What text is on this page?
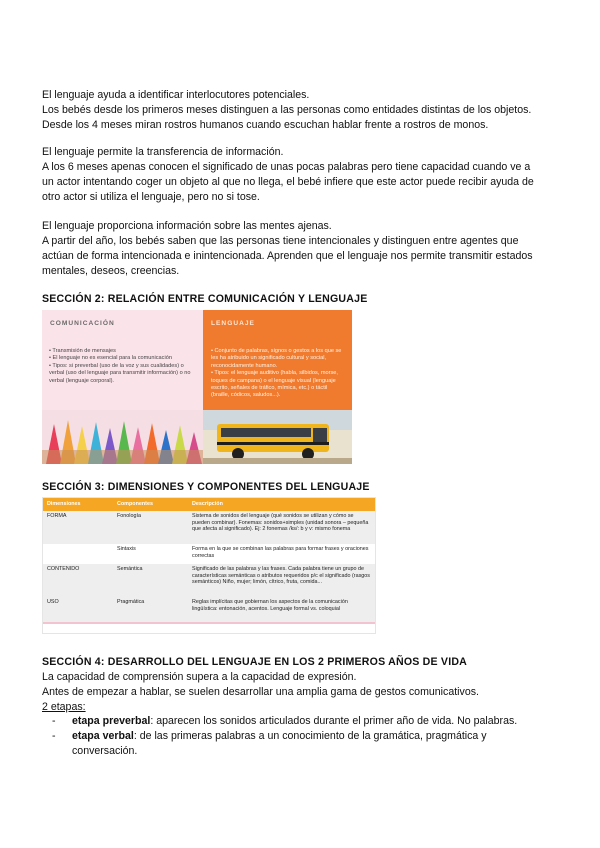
El lenguaje ayuda a identificar interlocutores potenciales.

Los bebés desde los primeros meses distinguen a las personas como entidades distintas de los objetos.

Desde los 4 meses miran rostros humanos cuando escuchan hablar frente a rostros de monos.

El lenguaje permite la transferencia de información.

A los 6 meses apenas conocen el significado de unas pocas palabras pero tiene capacidad cuando ve a

un actor intentando coger un objeto al que no llega, el bebé infiere que este actor puede recibir ayuda de

otro actor si utiliza el lenguaje, pero no si tose.

El lenguaje proporciona información sobre las mentes ajenas.

A partir del año, los bebés saben que las personas tiene intencionales y distinguen entre agentes que

actúan de forma intencionada e inintencionada. Aprenden que el lenguaje nos permite transmitir estados

mentales, deseos, creencias.

SECCIÓN 2: RELACIÓN ENTRE COMUNICACIÓN Y LENGUAJE
COMUNICACIÓN	LENGUAJE
• Transmisión de mensajes
• El lenguaje no es esencial para la comunicación
• Tipos: si preverbal (uso de la voz y sus cualidades) o verbal (uso del lenguaje para transmitir información) o no verbal (lenguaje corporal).
• Conjunto de palabras, signos o gestos a los que se les ha atribuido un significado cultural y social, reconocidamente humano.
• Tipos: el lenguaje auditivo (habla, silbidos, morse, toques de campana) o el lenguaje visual (lenguaje escrito, señales de tráfico, mímica, etc.) o táctil (braille, códicos, saludos...).
SECCIÓN 3: DIMENSIONES Y COMPONENTES DEL LENGUAJE
Dimensiones	Componentes	Descripción
FORMA	Fonología	Sistema de sonidos del lenguaje (qué sonidos se utilizan y cómo se pueden combinar). Fonemas: sonidos+simples (unidad sonora – pequeña que afecta al significado). Ej: 2 fonemas /ks/: b y v: mismo fonema
	Sintaxis	Forma en la que se combinan las palabras para formar frases y oraciones correctas
CONTENIDO	Semántica	Significado de las palabras y las frases. Cada palabra tiene un grupo de características semánticas o atributos requeridos p/c el significado (rasgos semánticos) Niño, mujer; limón, cítrico, fruta, comida...
USO	Pragmática	Reglas implícitas que gobiernan los aspectos de la comunicación lingüística: entonación, acentos. Lenguaje formal vs. coloquial
SECCIÓN 4: DESARROLLO DEL LENGUAJE EN LOS 2 PRIMEROS AÑOS DE VIDA

La capacidad de comprensión supera a la capacidad de expresión.

Antes de empezar a hablar, se suelen desarrollar una amplia gama de gestos comunicativos.

2 etapas:

- etapa preverbal: aparecen los sonidos articulados durante el primer año de vida. No palabras.
- etapa verbal: de las primeras palabras a un conocimiento de la gramática, pragmática y
conversación.
